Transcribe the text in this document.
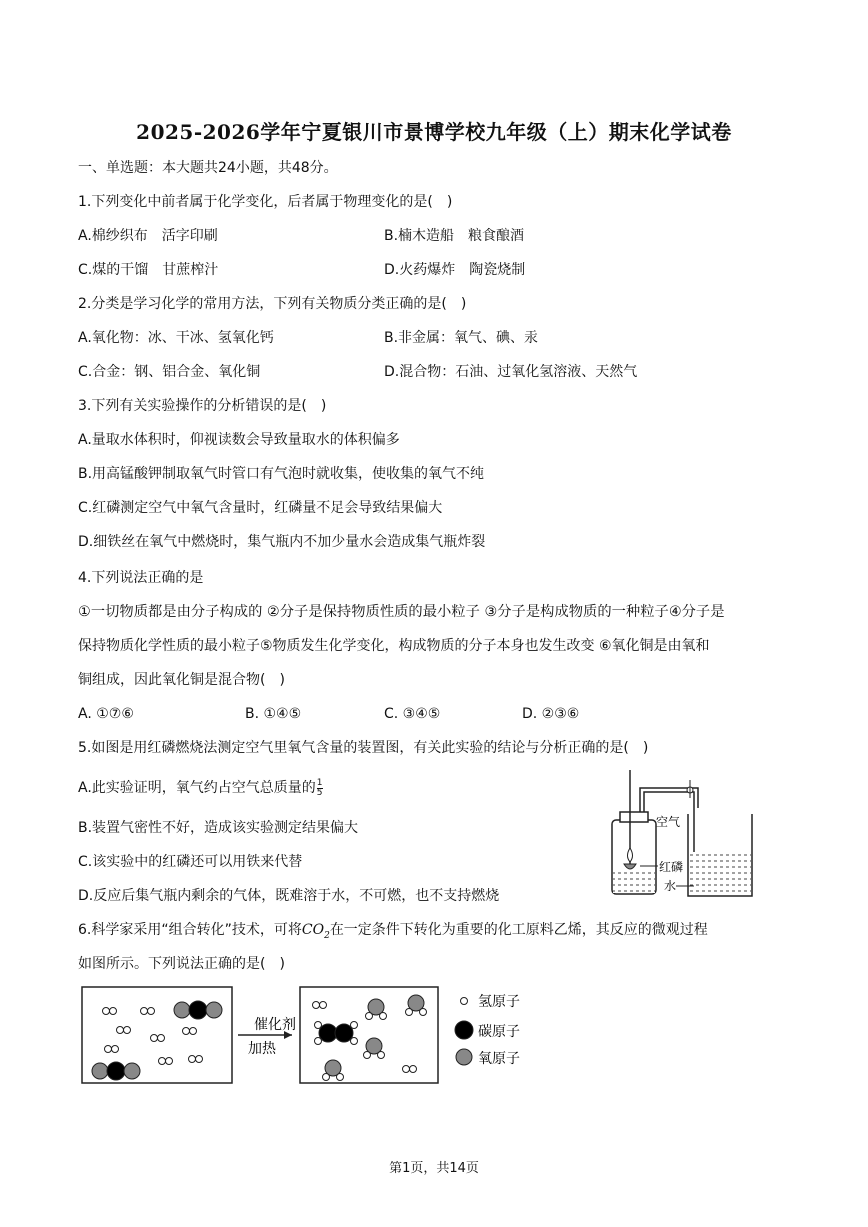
2025-2026学年宁夏银川市景博学校九年级（上）期末化学试卷
一、单选题：本大题共24小题，共48分。
1.下列变化中前者属于化学变化，后者属于物理变化的是(　)
A.棉纱织布　活字印刷	B.楠木造船　粮食酿酒
C.煤的干馏　甘蔗榨汁	D.火药爆炸　陶瓷烧制
2.分类是学习化学的常用方法，下列有关物质分类正确的是(　)
A.氧化物：冰、干冰、氢氧化钙	B.非金属：氧气、碘、汞
C.合金：钢、铝合金、氧化铜	D.混合物：石油、过氧化氢溶液、天然气
3.下列有关实验操作的分析错误的是(　)
A.量取水体积时，仰视读数会导致量取水的体积偏多
B.用高锰酸钾制取氧气时管口有气泡时就收集，使收集的氧气不纯
C.红磷测定空气中氧气含量时，红磷量不足会导致结果偏大
D.细铁丝在氧气中燃烧时，集气瓶内不加少量水会造成集气瓶炸裂
4.下列说法正确的是
①一切物质都是由分子构成的 ②分子是保持物质性质的最小粒子 ③分子是构成物质的一种粒子④分子是
保持物质化学性质的最小粒子⑤物质发生化学变化，构成物质的分子本身也发生改变 ⑥氧化铜是由氧和
铜组成，因此氧化铜是混合物(　)
A. ①⑦⑥	B. ①④⑤	C. ③④⑤	D. ②③⑥
5.如图是用红磷燃烧法测定空气里氧气含量的装置图，有关此实验的结论与分析正确的是(　)
A.此实验证明，氧气约占空气总质量的 $\frac{1}{5}$
B.装置气密性不好，造成该实验测定结果偏大
C.该实验中的红磷还可以用铁来代替
D.反应后集气瓶内剩余的气体，既难溶于水，不可燃，也不支持燃烧
空气
红磷
水
6.科学家采用“组合转化”技术，可将$CO_2$在一定条件下转化为重要的化工原料乙烯，其反应的微观过程
如图所示。下列说法正确的是(　)
催化剂
加热
氢原子
碳原子
氧原子
第1页，共14页
